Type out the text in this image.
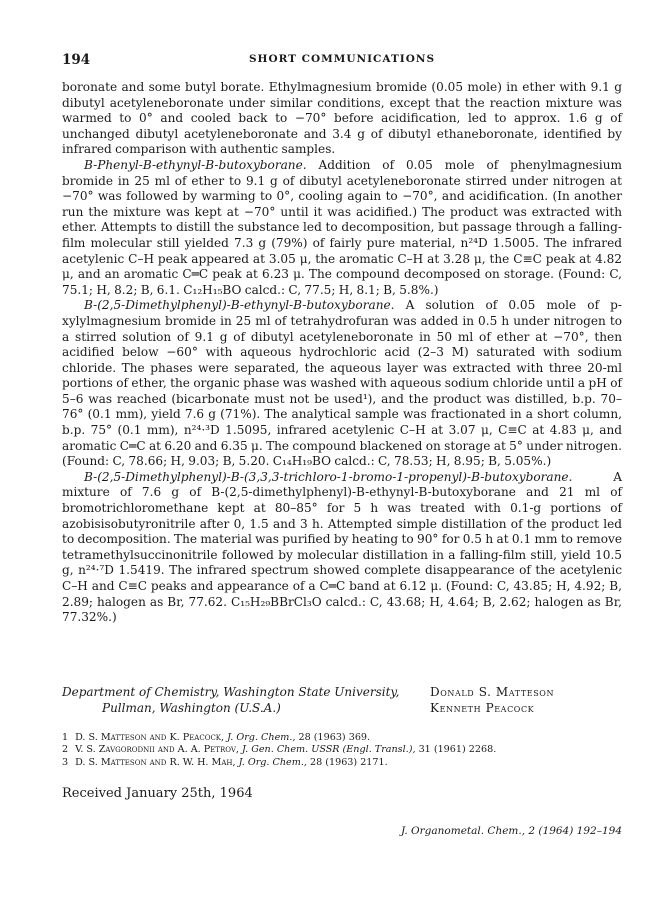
194	SHORT COMMUNICATIONS

boronate and some butyl borate. Ethylmagnesium bromide (0.05 mole) in ether with 9.1 g dibutyl acetyleneboronate under similar conditions, except that the reaction mixture was warmed to 0° and cooled back to −70° before acidification, led to approx. 1.6 g of unchanged dibutyl acetyleneboronate and 3.4 g of dibutyl ethaneboronate, identified by infrared comparison with authentic samples.

B-Phenyl-B-ethynyl-B-butoxyborane. Addition of 0.05 mole of phenylmagnesium bromide in 25 ml of ether to 9.1 g of dibutyl acetyleneboronate stirred under nitrogen at −70° was followed by warming to 0°, cooling again to −70°, and acidification. (In another run the mixture was kept at −70° until it was acidified.) The product was extracted with ether. Attempts to distill the substance led to decomposition, but passage through a falling-film molecular still yielded 7.3 g (79%) of fairly pure material, n²⁴D 1.5005. The infrared acetylenic C–H peak appeared at 3.05 μ, the aromatic C–H at 3.28 μ, the C≡C peak at 4.82 μ, and an aromatic C═C peak at 6.23 μ. The compound decomposed on storage. (Found: C, 75.1; H, 8.2; B, 6.1. C₁₂H₁₅BO calcd.: C, 77.5; H, 8.1; B, 5.8%.)

B-(2,5-Dimethylphenyl)-B-ethynyl-B-butoxyborane. A solution of 0.05 mole of p-xylylmagnesium bromide in 25 ml of tetrahydrofuran was added in 0.5 h under nitrogen to a stirred solution of 9.1 g of dibutyl acetyleneboronate in 50 ml of ether at −70°, then acidified below −60° with aqueous hydrochloric acid (2–3 M) saturated with sodium chloride. The phases were separated, the aqueous layer was extracted with three 20-ml portions of ether, the organic phase was washed with aqueous sodium chloride until a pH of 5–6 was reached (bicarbonate must not be used¹), and the product was distilled, b.p. 70–76° (0.1 mm), yield 7.6 g (71%). The analytical sample was fractionated in a short column, b.p. 75° (0.1 mm), n²⁴·³D 1.5095, infrared acetylenic C–H at 3.07 μ, C≡C at 4.83 μ, and aromatic C═C at 6.20 and 6.35 μ. The compound blackened on storage at 5° under nitrogen. (Found: C, 78.66; H, 9.03; B, 5.20. C₁₄H₁₉BO calcd.: C, 78.53; H, 8.95; B, 5.05%.)

B-(2,5-Dimethylphenyl)-B-(3,3,3-trichloro-1-bromo-1-propenyl)-B-butoxyborane. A mixture of 7.6 g of B-(2,5-dimethylphenyl)-B-ethynyl-B-butoxyborane and 21 ml of bromotrichloromethane kept at 80–85° for 5 h was treated with 0.1-g portions of azobisisobutyronitrile after 0, 1.5 and 3 h. Attempted simple distillation of the product led to decomposition. The material was purified by heating to 90° for 0.5 h at 0.1 mm to remove tetramethylsuccinonitrile followed by molecular distillation in a falling-film still, yield 10.5 g, n²⁴·⁷D 1.5419. The infrared spectrum showed complete disappearance of the acetylenic C–H and C≡C peaks and appearance of a C═C band at 6.12 μ. (Found: C, 43.85; H, 4.92; B, 2.89; halogen as Br, 77.62. C₁₅H₂₉BBrCl₃O calcd.: C, 43.68; H, 4.64; B, 2.62; halogen as Br, 77.32%.)

Department of Chemistry, Washington State University,
Pullman, Washington (U.S.A.)
Donald S. Matteson
Kenneth Peacock
1 D. S. Matteson and K. Peacock, J. Org. Chem., 28 (1963) 369.
2 V. S. Zavgorodnii and A. A. Petrov, J. Gen. Chem. USSR (Engl. Transl.), 31 (1961) 2268.
3 D. S. Matteson and R. W. H. Mah, J. Org. Chem., 28 (1963) 2171.
Received January 25th, 1964
J. Organometal. Chem., 2 (1964) 192–194
